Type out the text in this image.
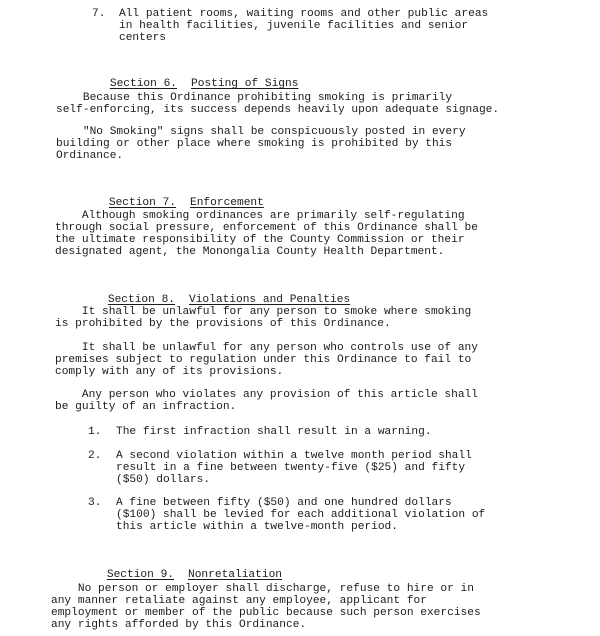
7.

All patient rooms, waiting rooms and other public areas
in health facilities, juvenile facilities and senior
centers

Section 6. Posting of Signs

Because this Ordinance prohibiting smoking is primarily
self-enforcing, its success depends heavily upon adequate signage.

"No Smoking" signs shall be conspicuously posted in every
building or other place where smoking is prohibited by this
Ordinance.

Section 7. Enforcement

Although smoking ordinances are primarily self-regulating
through social pressure, enforcement of this Ordinance shall be
the ultimate responsibility of the County Commission or their
designated agent, the Monongalia County Health Department.

Section 8. Violations and Penalties

It shall be unlawful for any person to smoke where smoking
is prohibited by the provisions of this Ordinance.

It shall be unlawful for any person who controls use of any
premises subject to regulation under this Ordinance to fail to
comply with any of its provisions.

Any person who violates any provision of this article shall
be guilty of an infraction.

1.

The first infraction shall result in a warning.

2.

A second violation within a twelve month period shall
result in a fine between twenty-five ($25) and fifty
($50) dollars.

3.

A fine between fifty ($50) and one hundred dollars
($100) shall be levied for each additional violation of
this article within a twelve-month period.

Section 9. Nonretaliation

No person or employer shall discharge, refuse to hire or in
any manner retaliate against any employee, applicant for
employment or member of the public because such person exercises
any rights afforded by this Ordinance.
